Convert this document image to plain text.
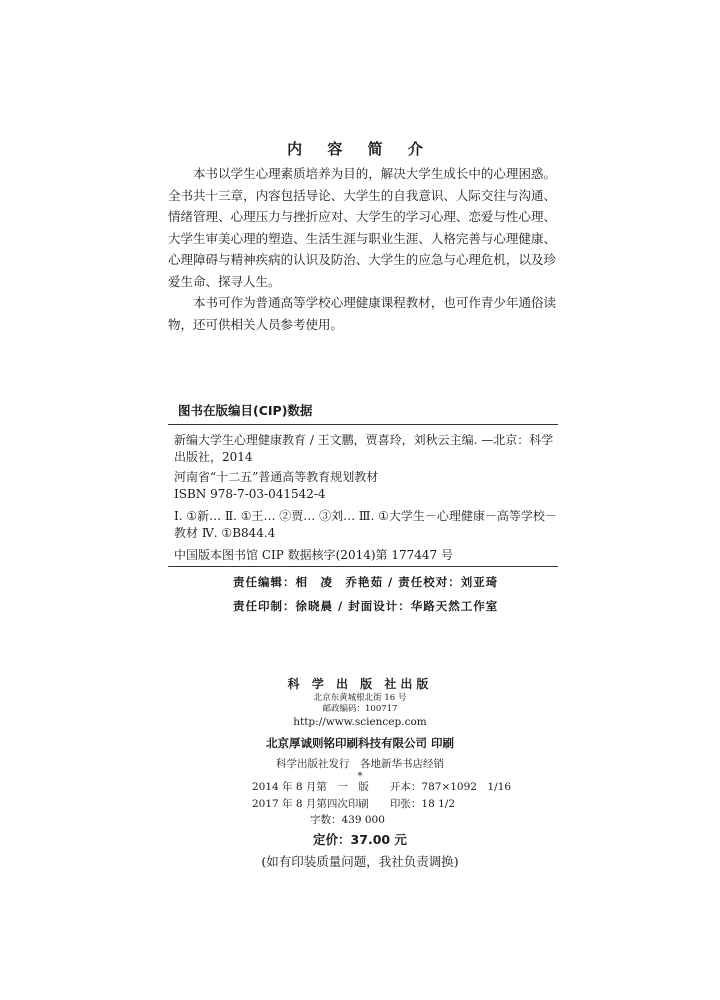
内 容 简 介

本书以学生心理素质培养为目的，解决大学生成长中的心理困惑。全书共十三章，内容包括导论、大学生的自我意识、人际交往与沟通、情绪管理、心理压力与挫折应对、大学生的学习心理、恋爱与性心理、大学生审美心理的塑造、生活生涯与职业生涯、人格完善与心理健康、心理障碍与精神疾病的认识及防治、大学生的应急与心理危机，以及珍爱生命、探寻人生。

本书可作为普通高等学校心理健康课程教材，也可作青少年通俗读物，还可供相关人员参考使用。

图书在版编目(CIP)数据
新编大学生心理健康教育 / 王文鹏，贾喜玲，刘秋云主编. —北京：科学出版社，2014
河南省“十二五”普通高等教育规划教材
ISBN 978-7-03-041542-4
Ⅰ. ①新… Ⅱ. ①王… ②贾… ③刘… Ⅲ. ①大学生－心理健康－高等学校－教材 Ⅳ. ①B844.4
中国版本图书馆 CIP 数据核字(2014)第 177447 号
责任编辑：相　凌　乔艳茹 / 责任校对：刘亚琦
责任印制：徐晓晨 / 封面设计：华路天然工作室
科 学 出 版 社出版
北京东黄城根北街 16 号
邮政编码：100717
http://www.sciencep.com
北京厚诚则铭印刷科技有限公司 印刷
科学出版社发行　各地新华书店经销
*
2014 年 8 月第　一　版　　开本：787×1092　1/16
2017 年 8 月第四次印刷　　印张：18 1/2
字数：439 000
定价：37.00 元
(如有印装质量问题，我社负责调换)
